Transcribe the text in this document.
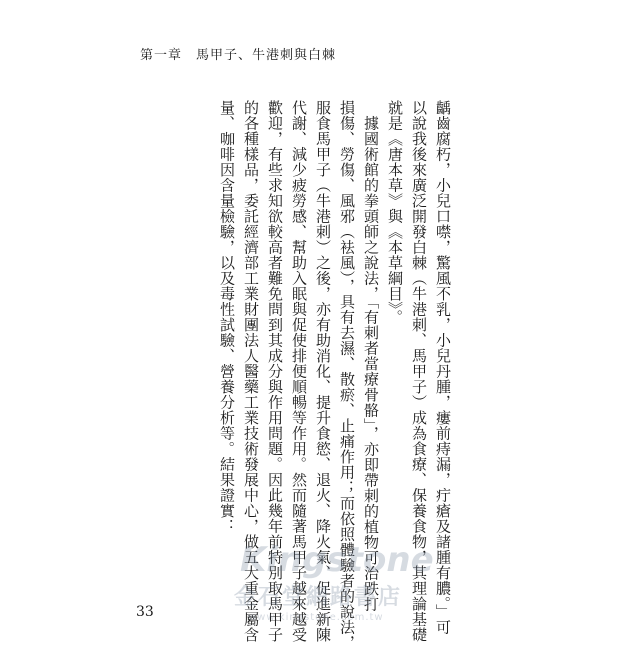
第一章　馬甲子、牛港刺與白棘
齲齒腐朽，小兒口噤，驚風不乳，小兒丹腫，瘻前痔漏，疔瘡及諸腫有膿。」可
以說我後來廣泛開發白棘（牛港刺、馬甲子）成為食療、保養食物，其理論基礎
就是《唐本草》與《本草綱目》。
　據國術館的拳頭師之說法，「有刺者當療骨骼」，亦即帶刺的植物可治跌打
損傷、勞傷、風邪（袪風），具有去濕、散瘀、止痛作用；而依照體驗者的說法，
服食馬甲子（牛港刺）之後，亦有助消化、提升食慾、退火、降火氣、促進新陳
代謝、減少疲勞感、幫助入眠與促使排便順暢等作用。然而隨著馬甲子越來越受
歡迎，有些求知欲較高者難免問到其成分與作用問題。因此幾年前特別取馬甲子
的各種樣品，委託經濟部工業財團法人醫藥工業技術發展中心，做五大重金屬含
量、咖啡因含量檢驗，以及毒性試驗、營養分析等。結果證實：
Kingstone
金石堂網路書店
www.kingstone.com.tw
33
